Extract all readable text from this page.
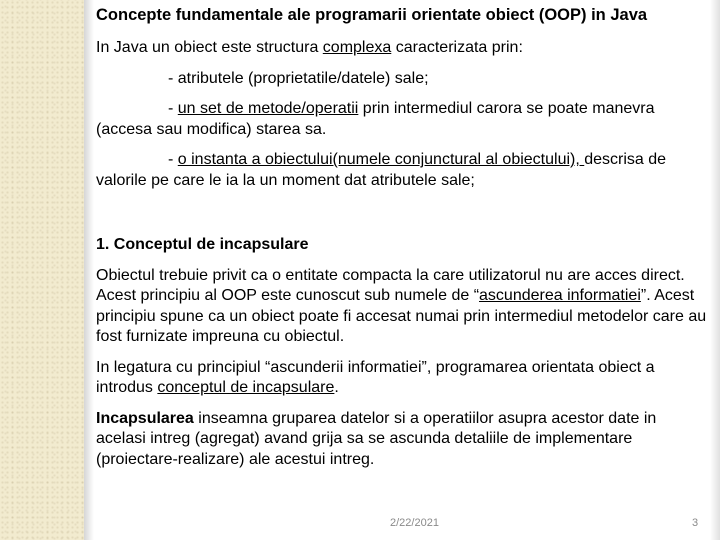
Concepte fundamentale ale programarii orientate obiect (OOP) in Java

In Java un obiect este structura complexa caracterizata prin:

- atributele (proprietatile/datele) sale;

- un set de metode/operatii prin intermediul carora se poate manevra (accesa sau modifica) starea sa.

- o instanta a obiectului(numele conjunctural al obiectului), descrisa de valorile pe care le ia la un moment dat atributele sale;

1. Conceptul de incapsulare

Obiectul trebuie privit ca o entitate compacta la care utilizatorul nu are acces direct. Acest principiu al OOP este cunoscut sub numele de “ascunderea informatiei”. Acest principiu spune ca un obiect poate fi accesat numai prin intermediul metodelor care au fost furnizate impreuna cu obiectul.

In legatura cu principiul “ascunderii informatiei”, programarea orientata obiect a introdus conceptul de incapsulare.

Incapsularea inseamna gruparea datelor si a operatiilor asupra acestor date in acelasi intreg (agregat) avand grija sa se ascunda detaliile de implementare (proiectare-realizare) ale acestui intreg.

2/22/2021	3
